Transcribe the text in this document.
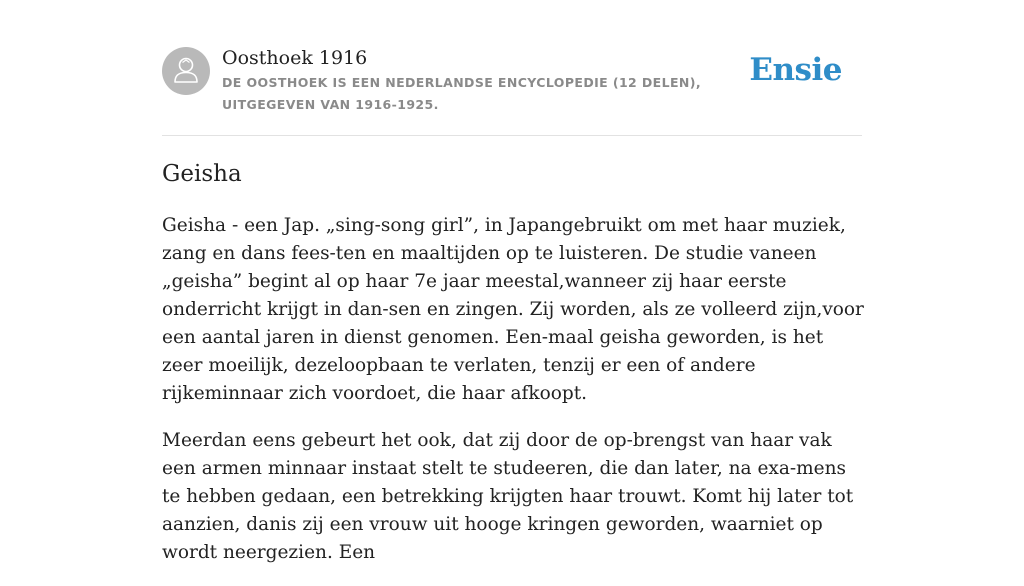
Oosthoek 1916
DE OOSTHOEK IS EEN NEDERLANDSE ENCYCLOPEDIE (12 DELEN), UITGEGEVEN VAN 1916-1925.
Ensie
Geisha

Geisha - een Jap. „sing-song girl”, in Japangebruikt om met haar muziek, zang en dans fees-ten en maaltijden op te luisteren. De studie vaneen „geisha” begint al op haar 7e jaar meestal,wanneer zij haar eerste onderricht krijgt in dan-sen en zingen. Zij worden, als ze volleerd zijn,voor een aantal jaren in dienst genomen. Een-maal geisha geworden, is het zeer moeilijk, dezeloopbaan te verlaten, tenzij er een of andere rijkeminnaar zich voordoet, die haar afkoopt.

Meerdan eens gebeurt het ook, dat zij door de op-brengst van haar vak een armen minnaar instaat stelt te studeeren, die dan later, na exa-mens te hebben gedaan, een betrekking krijgten haar trouwt. Komt hij later tot aanzien, danis zij een vrouw uit hooge kringen geworden, waarniet op wordt neergezien. Een
